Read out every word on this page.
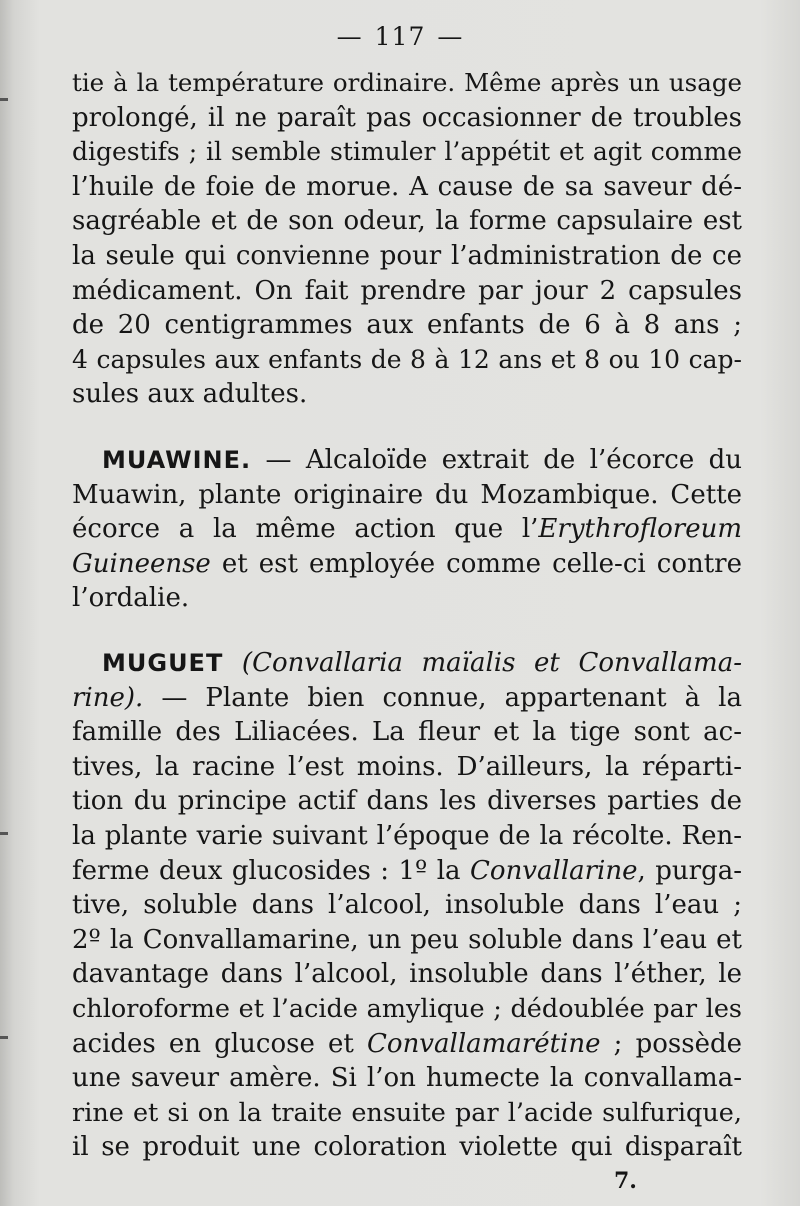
— 117 —

tie à la température ordinaire. Même après un usage
prolongé, il ne paraît pas occasionner de troubles
digestifs ; il semble stimuler l’appétit et agit comme
l’huile de foie de morue. A cause de sa saveur dé-
sagréable et de son odeur, la forme capsulaire est
la seule qui convienne pour l’administration de ce
médicament. On fait prendre par jour 2 capsules
de 20 centigrammes aux enfants de 6 à 8 ans ;
4 capsules aux enfants de 8 à 12 ans et 8 ou 10 cap-
sules aux adultes.

MUAWINE. — Alcaloïde extrait de l’écorce du
Muawin, plante originaire du Mozambique. Cette
écorce a la même action que l’Erythrofloreum
Guineense et est employée comme celle-ci contre
l’ordalie.

MUGUET (Convallaria maïalis et Convallama-
rine). — Plante bien connue, appartenant à la
famille des Liliacées. La fleur et la tige sont ac-
tives, la racine l’est moins. D’ailleurs, la réparti-
tion du principe actif dans les diverses parties de
la plante varie suivant l’époque de la récolte. Ren-
ferme deux glucosides : 1º la Convallarine, purga-
tive, soluble dans l’alcool, insoluble dans l’eau ;
2º la Convallamarine, un peu soluble dans l’eau et
davantage dans l’alcool, insoluble dans l’éther, le
chloroforme et l’acide amylique ; dédoublée par les
acides en glucose et Convallamarétine ; possède
une saveur amère. Si l’on humecte la convallama-
rine et si on la traite ensuite par l’acide sulfurique,
il se produit une coloration violette qui disparaît

7.
